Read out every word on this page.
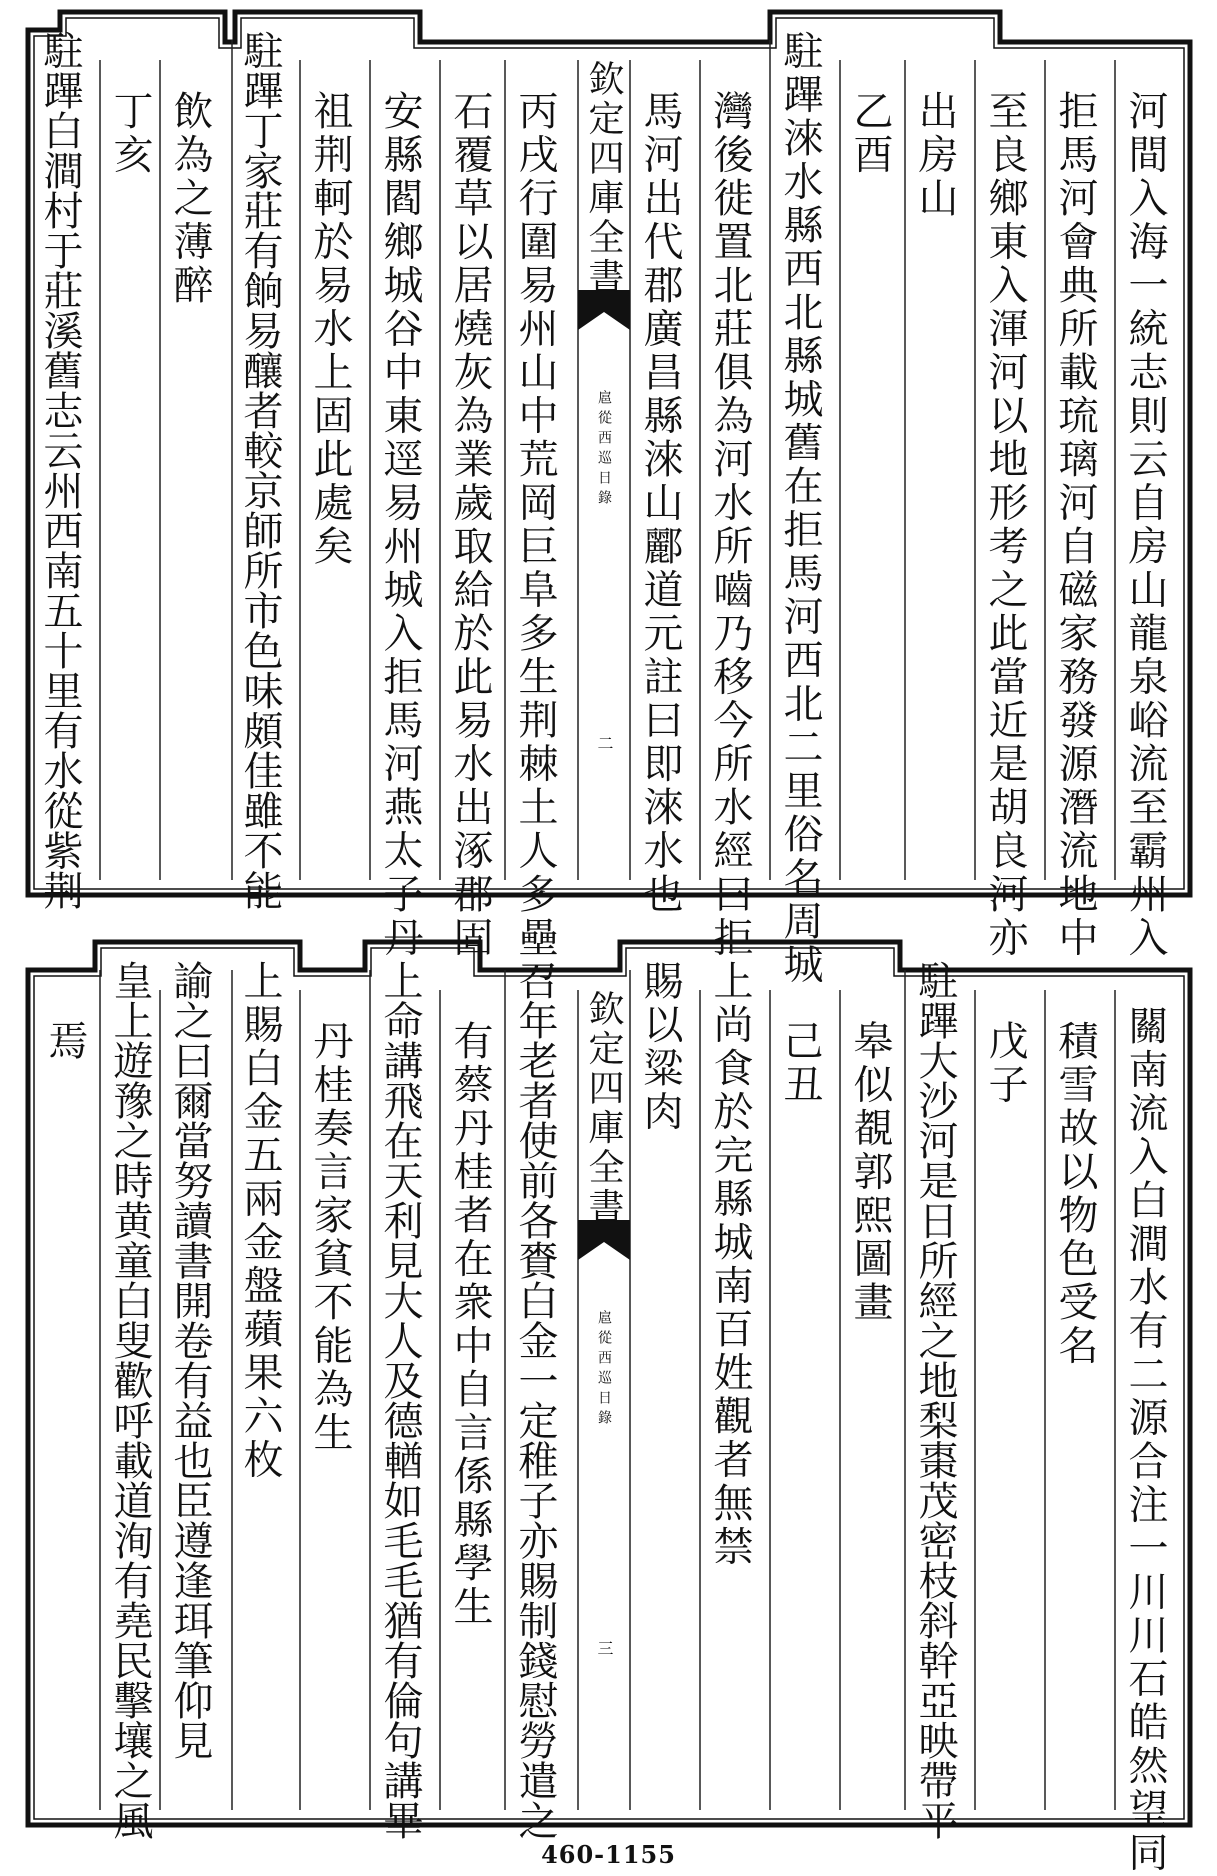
河間入海一統志則云自房山龍泉峪流至霸州入
拒馬河會典所載琉璃河自磁家務發源潛流地中
至良鄉東入渾河以地形考之此當近是胡良河亦
出房山
乙酉
駐蹕淶水縣西北縣城舊在拒馬河西北二里俗名周城
灣後徙置北莊俱為河水所嚙乃移今所水經曰拒
馬河出代郡廣昌縣淶山酈道元註曰即淶水也
欽定四庫全書
扈從西巡日錄
二
丙戌行圍易州山中荒岡巨阜多生荆棘土人多壘
石覆草以居燒灰為業歲取給於此易水出涿郡固
安縣閻鄉城谷中東逕易州城入拒馬河燕太子丹
祖荆軻於易水上固此處矣
駐蹕丁家莊有餉易釀者較京師所市色味頗佳雖不能
飲為之薄醉
丁亥
駐蹕白澗村于莊溪舊志云州西南五十里有水從紫荆
關南流入白澗水有二源合注一川川石皓然望同
積雪故以物色受名
戊子
駐蹕大沙河是日所經之地梨棗茂密枝斜幹亞映帶平
皋似覩郭熙圖畫
己丑
上尚食於完縣城南百姓觀者無禁
賜以粱肉
欽定四庫全書
扈從西巡日錄
三
召年老者使前各賚白金一定稚子亦賜制錢慰勞遣之
有蔡丹桂者在衆中自言係縣學生
上命講飛在天利見大人及德輶如毛毛猶有倫句講畢
丹桂奏言家貧不能為生
上賜白金五兩金盤蘋果六枚
諭之曰爾當努讀書開卷有益也臣遵逢珥筆仰見
皇上遊豫之時黄童白叟歡呼載道洵有堯民擊壤之風
焉
460-1155
